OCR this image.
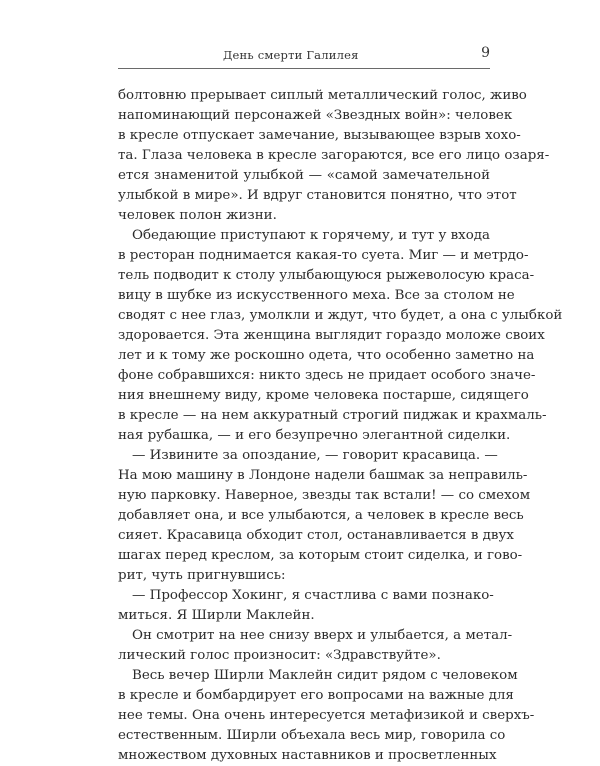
День смерти Галилея	9
болтовню прерывает сиплый металлический голос, живо
напоминающий персонажей «Звездных войн»: человек
в кресле отпускает замечание, вызывающее взрыв хохо-
та. Глаза человека в кресле загораются, все его лицо озаря-
ется знаменитой улыбкой — «самой замечательной
улыбкой в мире». И вдруг становится понятно, что этот
человек полон жизни.
Обедающие приступают к горячему, и тут у входа
в ресторан поднимается какая-то суета. Миг — и метрдо-
тель подводит к столу улыбающуюся рыжеволосую краса-
вицу в шубке из искусственного меха. Все за столом не
сводят с нее глаз, умолкли и ждут, что будет, а она с улыбкой
здоровается. Эта женщина выглядит гораздо моложе своих
лет и к тому же роскошно одета, что особенно заметно на
фоне собравшихся: никто здесь не придает особого значе-
ния внешнему виду, кроме человека постарше, сидящего
в кресле — на нем аккуратный строгий пиджак и крахмаль-
ная рубашка, — и его безупречно элегантной сиделки.
— Извините за опоздание, — говорит красавица. —
На мою машину в Лондоне надели башмак за неправиль-
ную парковку. Наверное, звезды так встали! — со смехом
добавляет она, и все улыбаются, а человек в кресле весь
сияет. Красавица обходит стол, останавливается в двух
шагах перед креслом, за которым стоит сиделка, и гово-
рит, чуть пригнувшись:
— Профессор Хокинг, я счастлива с вами познако-
миться. Я Ширли Маклейн.
Он смотрит на нее снизу вверх и улыбается, а метал-
лический голос произносит: «Здравствуйте».
Весь вечер Ширли Маклейн сидит рядом с человеком
в кресле и бомбардирует его вопросами на важные для
нее темы. Она очень интересуется метафизикой и сверхъ-
естественным. Ширли объехала весь мир, говорила со
множеством духовных наставников и просветленных
